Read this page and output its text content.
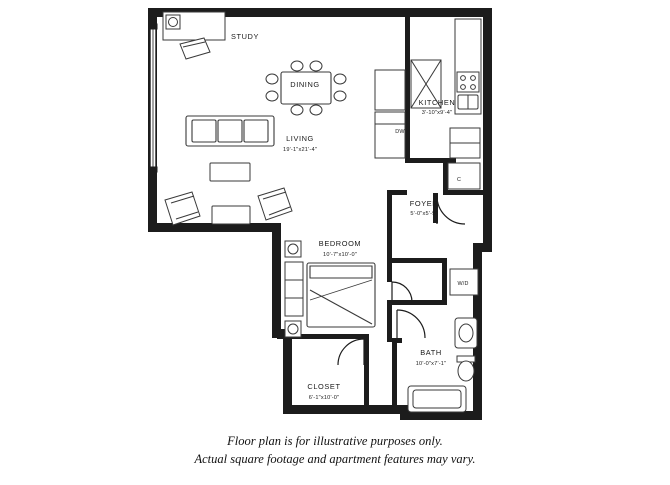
STUDY
DINING
LIVING
19'-1"x21'-4"
KITCHEN
3'-10"x9'-4"
FOYER
5'-0"x5'-9"
BEDROOM
10'-7"x10'-0"
BATH
10'-0"x7'-1"
CLOSET
6'-1"x10'-0"
DW
W/D
C
Floor plan is for illustrative purposes only.
Actual square footage and apartment features may vary.
